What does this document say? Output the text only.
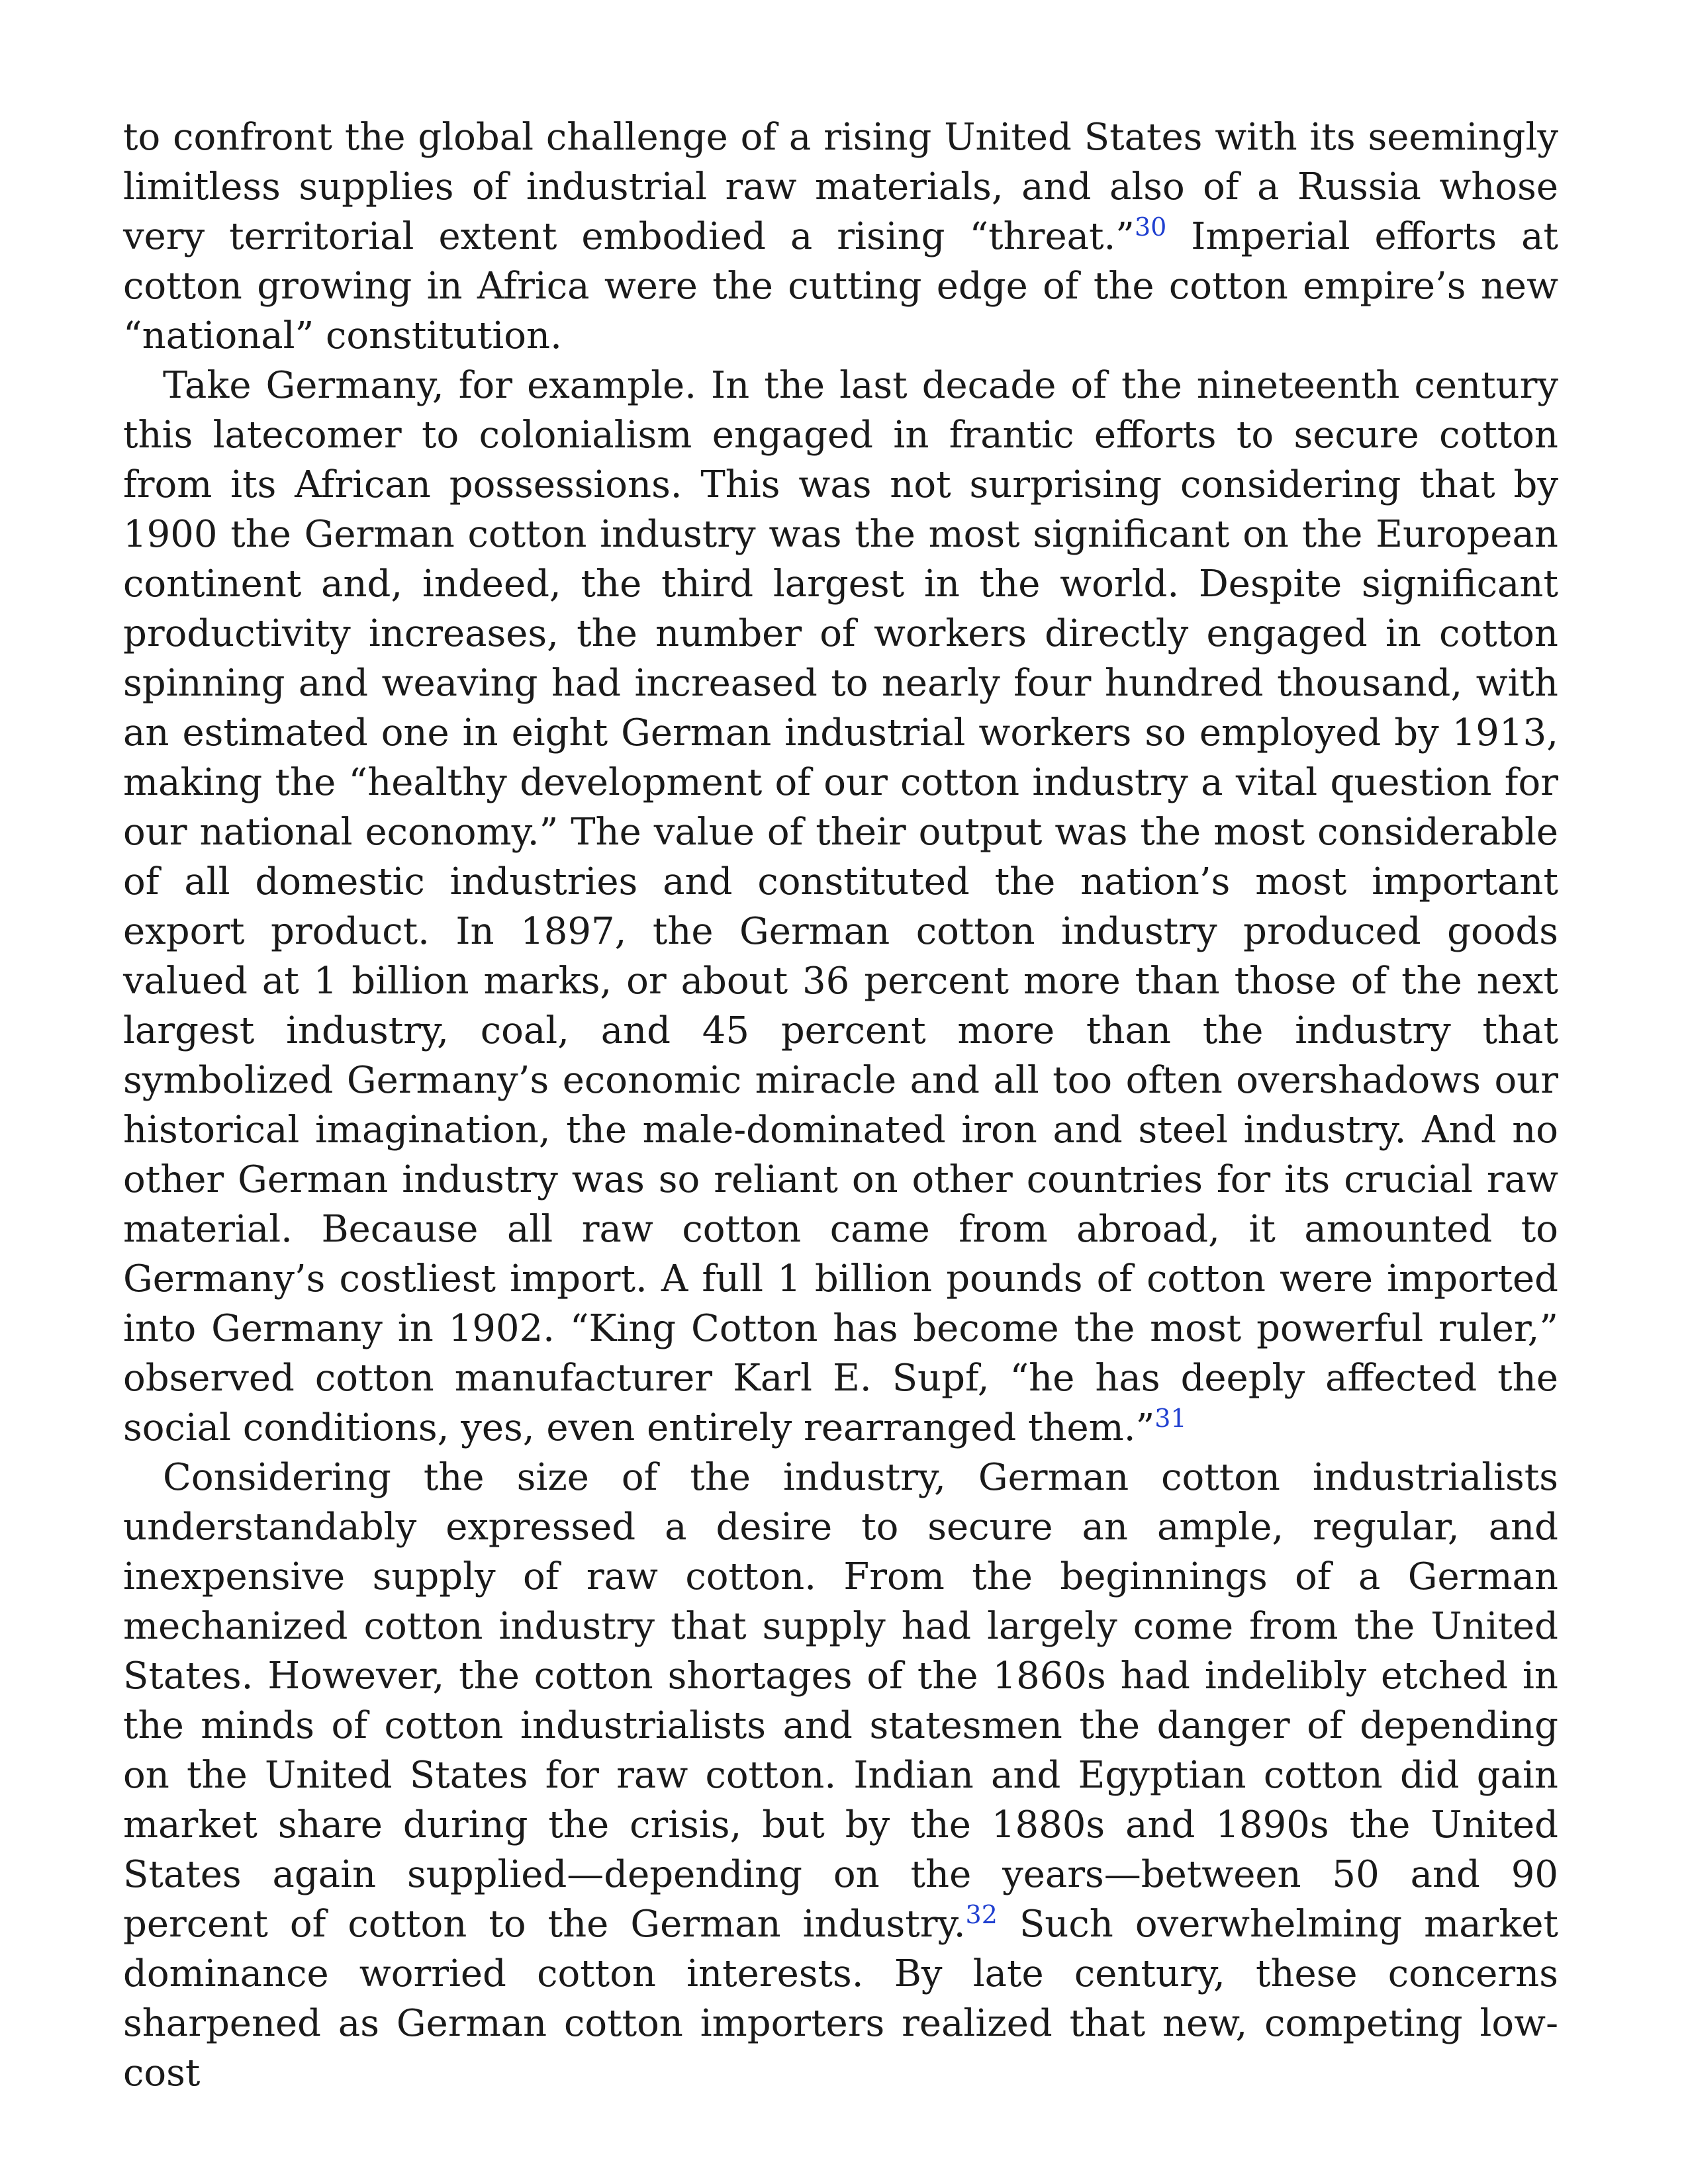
to confront the global challenge of a rising United States with its seemingly limitless supplies of industrial raw materials, and also of a Russia whose very territorial extent embodied a rising “threat.”$^{30}$ Imperial efforts at cotton growing in Africa were the cutting edge of the cotton empire’s new “national” constitution.

Take Germany, for example. In the last decade of the nineteenth century this latecomer to colonialism engaged in frantic efforts to secure cotton from its African possessions. This was not surprising considering that by 1900 the German cotton industry was the most significant on the European continent and, indeed, the third largest in the world. Despite significant productivity increases, the number of workers directly engaged in cotton spinning and weaving had increased to nearly four hundred thousand, with an estimated one in eight German industrial workers so employed by 1913, making the “healthy development of our cotton industry a vital question for our national economy.” The value of their output was the most considerable of all domestic industries and constituted the nation’s most important export product. In 1897, the German cotton industry produced goods valued at 1 billion marks, or about 36 percent more than those of the next largest industry, coal, and 45 percent more than the industry that symbolized Germany’s economic miracle and all too often overshadows our historical imagination, the male-dominated iron and steel industry. And no other German industry was so reliant on other countries for its crucial raw material. Because all raw cotton came from abroad, it amounted to Germany’s costliest import. A full 1 billion pounds of cotton were imported into Germany in 1902. “King Cotton has become the most powerful ruler,” observed cotton manufacturer Karl E. Supf, “he has deeply affected the social conditions, yes, even entirely rearranged them.”$^{31}$

Considering the size of the industry, German cotton industrialists understandably expressed a desire to secure an ample, regular, and inexpensive supply of raw cotton. From the beginnings of a German mechanized cotton industry that supply had largely come from the United States. However, the cotton shortages of the 1860s had indelibly etched in the minds of cotton industrialists and statesmen the danger of depending on the United States for raw cotton. Indian and Egyptian cotton did gain market share during the crisis, but by the 1880s and 1890s the United States again supplied—depending on the years—between 50 and 90 percent of cotton to the German industry.$^{32}$ Such overwhelming market dominance worried cotton interests. By late century, these concerns sharpened as German cotton importers realized that new, competing low-cost
